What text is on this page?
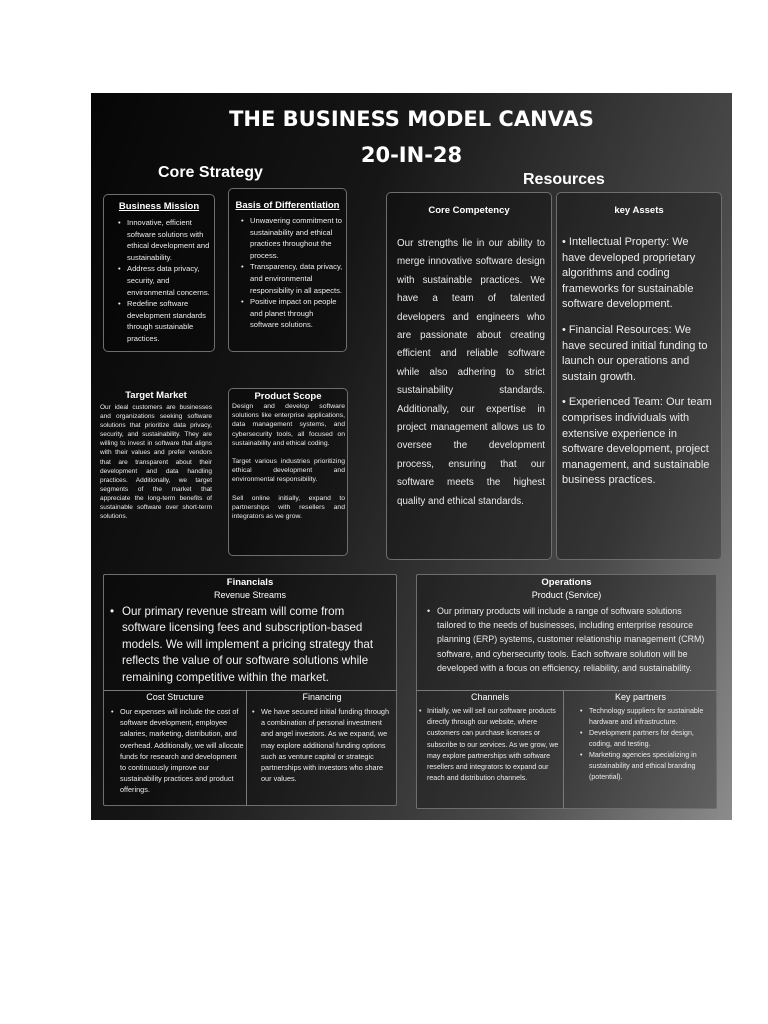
THE BUSINESS MODEL CANVAS
20-IN-28
Core Strategy	Resources
Business Mission
• Innovative, efficient software solutions with ethical development and sustainability.
• Address data privacy, security, and environmental concerns.
• Redefine software development standards through sustainable practices.
Basis of Differentiation
• Unwavering commitment to sustainability and ethical practices throughout the process.
• Transparency, data privacy, and environmental responsibility in all aspects.
• Positive impact on people and planet through software solutions.
Target Market
Our ideal customers are businesses and organizations seeking software solutions that prioritize data privacy, security, and sustainability. They are willing to invest in software that aligns with their values and prefer vendors that are transparent about their development and data handling practices. Additionally, we target segments of the market that appreciate the long-term benefits of sustainable software over short-term solutions.
Product Scope
Design and develop software solutions like enterprise applications, data management systems, and cybersecurity tools, all focused on sustainability and ethical coding.
Target various industries prioritizing ethical development and environmental responsibility.
Sell online initially, expand to partnerships with resellers and integrators as we grow.
Core Competency
Our strengths lie in our ability to merge innovative software design with sustainable practices. We have a team of talented developers and engineers who are passionate about creating efficient and reliable software while also adhering to strict sustainability standards. Additionally, our expertise in project management allows us to oversee the development process, ensuring that our software meets the highest quality and ethical standards.
key Assets
• Intellectual Property: We have developed proprietary algorithms and coding frameworks for sustainable software development.
• Financial Resources: We have secured initial funding to launch our operations and sustain growth.
• Experienced Team: Our team comprises individuals with extensive experience in software development, project management, and sustainable business practices.
Financials
Revenue Streams
• Our primary revenue stream will come from software licensing fees and subscription-based models. We will implement a pricing strategy that reflects the value of our software solutions while remaining competitive within the market.
Cost Structure
• Our expenses will include the cost of software development, employee salaries, marketing, distribution, and overhead. Additionally, we will allocate funds for research and development to continuously improve our sustainability practices and product offerings.
Financing
• We have secured initial funding through a combination of personal investment and angel investors. As we expand, we may explore additional funding options such as venture capital or strategic partnerships with investors who share our values.
Operations
Product (Service)
• Our primary products will include a range of software solutions tailored to the needs of businesses, including enterprise resource planning (ERP) systems, customer relationship management (CRM) software, and cybersecurity tools. Each software solution will be developed with a focus on efficiency, reliability, and sustainability.
Channels
• Initially, we will sell our software products directly through our website, where customers can purchase licenses or subscribe to our services. As we grow, we may explore partnerships with software resellers and integrators to expand our reach and distribution channels.
Key partners
• Technology suppliers for sustainable hardware and infrastructure.
• Development partners for design, coding, and testing.
• Marketing agencies specializing in sustainability and ethical branding (potential).
